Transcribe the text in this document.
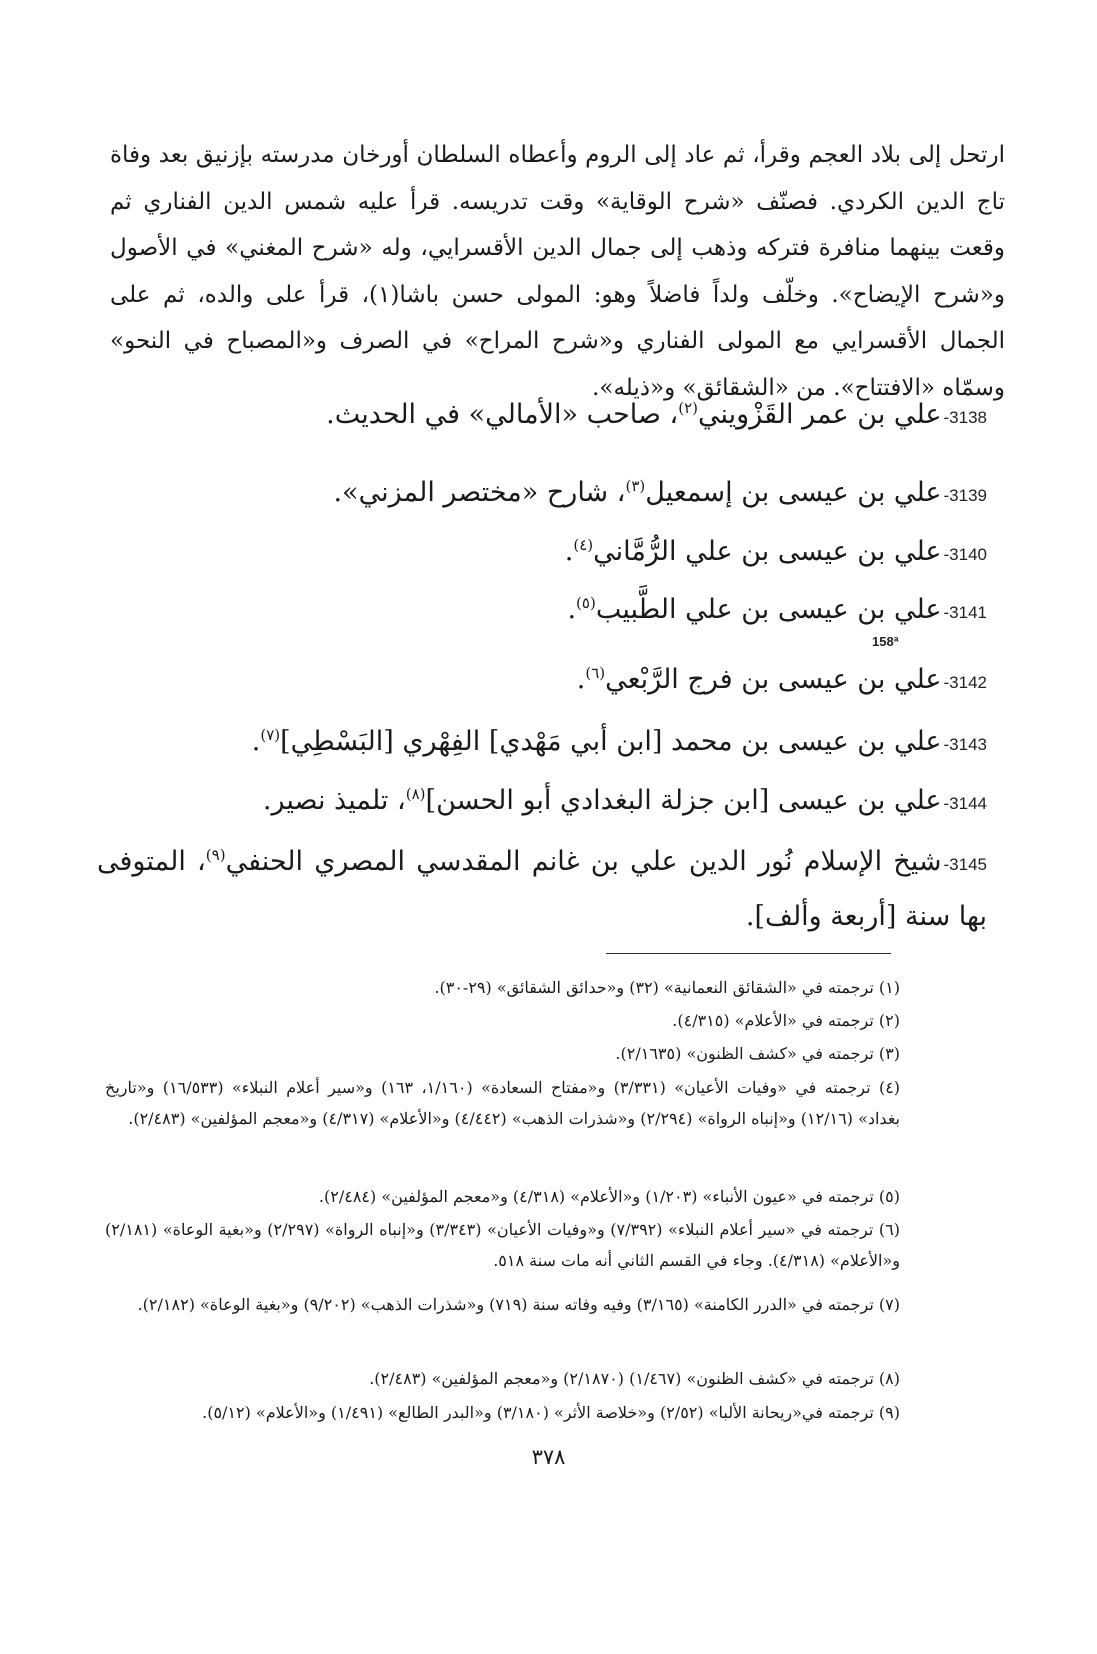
ارتحل إلى بلاد العجم وقرأ، ثم عاد إلى الروم وأعطاه السلطان أورخان مدرسته بإزنيق بعد وفاة تاج الدين الكردي. فصنّف «شرح الوقاية» وقت تدريسه. قرأ عليه شمس الدين الفناري ثم وقعت بينهما منافرة فتركه وذهب إلى جمال الدين الأقسرايي، وله «شرح المغني» في الأصول و«شرح الإيضاح». وخلّف ولداً فاضلاً وهو: المولى حسن باشا(١)، قرأ على والده، ثم على الجمال الأقسرايي مع المولى الفناري و«شرح المراح» في الصرف و«المصباح في النحو» وسمّاه «الافتتاح». من «الشقائق» و«ذيله».

3138-علي بن عمر القَزْويني$^{(٢)}$، صاحب «الأمالي» في الحديث.
3139-علي بن عيسى بن إسمعيل$^{(٣)}$، شارح «مختصر المزني».
3140-علي بن عيسى بن علي الرُّمَّاني$^{(٤)}$.
3141-علي بن عيسى بن علي الطَّبيب$^{(٥)}$.
158ª
3142-علي بن عيسى بن فرج الرَّبْعي$^{(٦)}$.
3143-علي بن عيسى بن محمد [ابن أبي مَهْدي] الفِهْري [البَسْطِي]$^{(٧)}$.
3144-علي بن عيسى [ابن جزلة البغدادي أبو الحسن]$^{(٨)}$، تلميذ نصير.
3145-شيخ الإسلام نُور الدين علي بن غانم المقدسي المصري الحنفي$^{(٩)}$، المتوفى بها سنة [أربعة وألف].
(١) ترجمته في «الشقائق النعمانية» (٣٢) و«حدائق الشقائق» (٢٩-٣٠).
(٢) ترجمته في «الأعلام» (٤/٣١٥).
(٣) ترجمته في «كشف الظنون» (٢/١٦٣٥).
(٤) ترجمته في «وفيات الأعيان» (٣/٣٣١) و«مفتاح السعادة» (١/١٦٠، ١٦٣) و«سير أعلام النبلاء» (١٦/٥٣٣) و«تاريخ بغداد» (١٢/١٦) و«إنباه الرواة» (٢/٢٩٤) و«شذرات الذهب» (٤/٤٤٢) و«الأعلام» (٤/٣١٧) و«معجم المؤلفين» (٢/٤٨٣).
(٥) ترجمته في «عيون الأنباء» (١/٢٠٣) و«الأعلام» (٤/٣١٨) و«معجم المؤلفين» (٢/٤٨٤).
(٦) ترجمته في «سير أعلام النبلاء» (٧/٣٩٢) و«وفيات الأعيان» (٣/٣٤٣) و«إنباه الرواة» (٢/٢٩٧) و«بغية الوعاة» (٢/١٨١) و«الأعلام» (٤/٣١٨). وجاء في القسم الثاني أنه مات سنة ٥١٨.
(٧) ترجمته في «الدرر الكامنة» (٣/١٦٥) وفيه وفاته سنة (٧١٩) و«شذرات الذهب» (٩/٢٠٢) و«بغية الوعاة» (٢/١٨٢).
(٨) ترجمته في «كشف الظنون» (١/٤٦٧) (٢/١٨٧٠) و«معجم المؤلفين» (٢/٤٨٣).
(٩) ترجمته في«ريحانة الألبا» (٢/٥٢) و«خلاصة الأثر» (٣/١٨٠) و«البدر الطالع» (١/٤٩١) و«الأعلام» (٥/١٢).
٣٧٨
